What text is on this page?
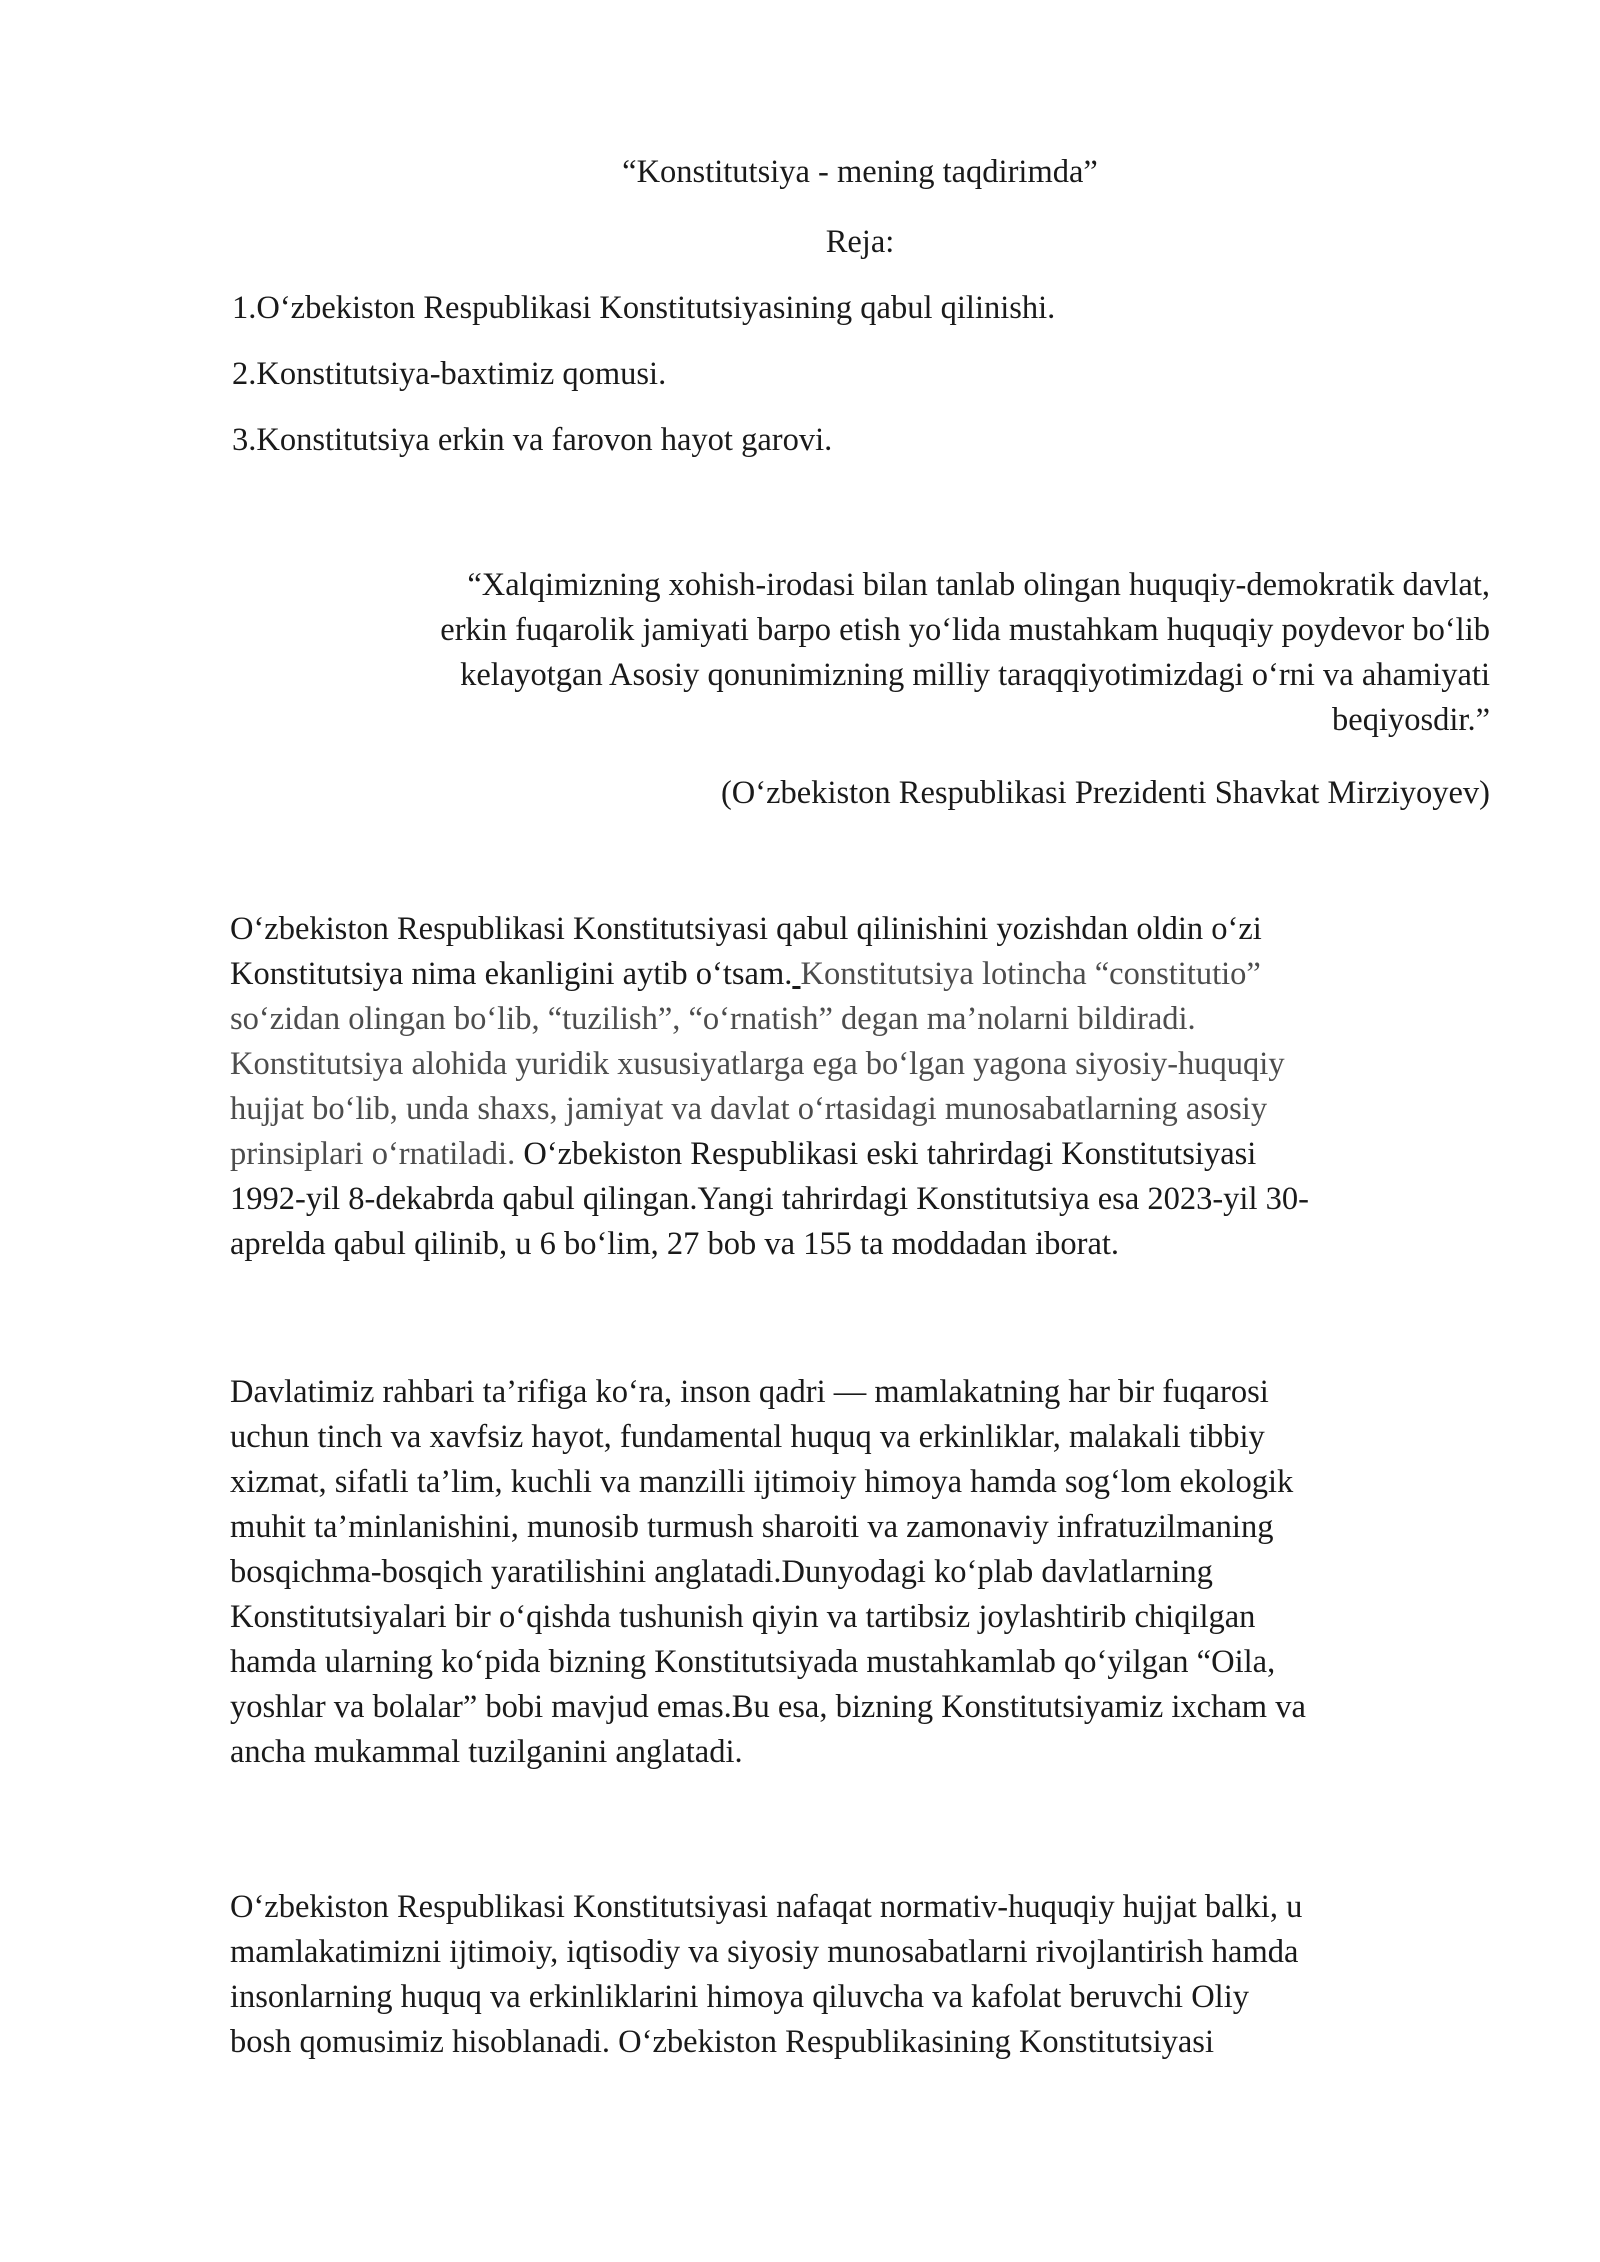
“Konstitutsiya - mening taqdirimda”
Reja:
1.O‘zbekiston Respublikasi Konstitutsiyasining qabul qilinishi.
2.Konstitutsiya-baxtimiz qomusi.
3.Konstitutsiya erkin va farovon hayot garovi.
“Xalqimizning xohish-irodasi bilan tanlab olingan huquqiy-demokratik davlat,
erkin fuqarolik jamiyati barpo etish yo‘lida mustahkam huquqiy poydevor bo‘lib
kelayotgan Asosiy qonunimizning milliy taraqqiyotimizdagi o‘rni va ahamiyati
beqiyosdir.”
(O‘zbekiston Respublikasi Prezidenti Shavkat Mirziyoyev)
O‘zbekiston Respublikasi Konstitutsiyasi qabul qilinishini yozishdan oldin o‘zi
Konstitutsiya nima ekanligini aytib o‘tsam. Konstitutsiya lotincha “constitutio”
so‘zidan olingan bo‘lib, “tuzilish”, “o‘rnatish” degan ma’nolarni bildiradi.
Konstitutsiya alohida yuridik xususiyatlarga ega bo‘lgan yagona siyosiy-huquqiy
hujjat bo‘lib, unda shaxs, jamiyat va davlat o‘rtasidagi munosabatlarning asosiy
prinsiplari o‘rnatiladi. O‘zbekiston Respublikasi eski tahrirdagi Konstitutsiyasi
1992-yil 8-dekabrda qabul qilingan.Yangi tahrirdagi Konstitutsiya esa 2023-yil 30-
aprelda qabul qilinib, u 6 bo‘lim, 27 bob va 155 ta moddadan iborat.
Davlatimiz rahbari ta’rifiga ko‘ra, inson qadri — mamlakatning har bir fuqarosi
uchun tinch va xavfsiz hayot, fundamental huquq va erkinliklar, malakali tibbiy
xizmat, sifatli ta’lim, kuchli va manzilli ijtimoiy himoya hamda sog‘lom ekologik
muhit ta’minlanishini, munosib turmush sharoiti va zamonaviy infratuzilmaning
bosqichma-bosqich yaratilishini anglatadi.Dunyodagi ko‘plab davlatlarning
Konstitutsiyalari bir o‘qishda tushunish qiyin va tartibsiz joylashtirib chiqilgan
hamda ularning ko‘pida bizning Konstitutsiyada mustahkamlab qo‘yilgan “Oila,
yoshlar va bolalar” bobi mavjud emas.Bu esa, bizning Konstitutsiyamiz ixcham va
ancha mukammal tuzilganini anglatadi.
O‘zbekiston Respublikasi Konstitutsiyasi nafaqat normativ-huquqiy hujjat balki, u
mamlakatimizni ijtimoiy, iqtisodiy va siyosiy munosabatlarni rivojlantirish hamda
insonlarning huquq va erkinliklarini himoya qiluvcha va kafolat beruvchi Oliy
bosh qomusimiz hisoblanadi. O‘zbekiston Respublikasining Konstitutsiyasi
